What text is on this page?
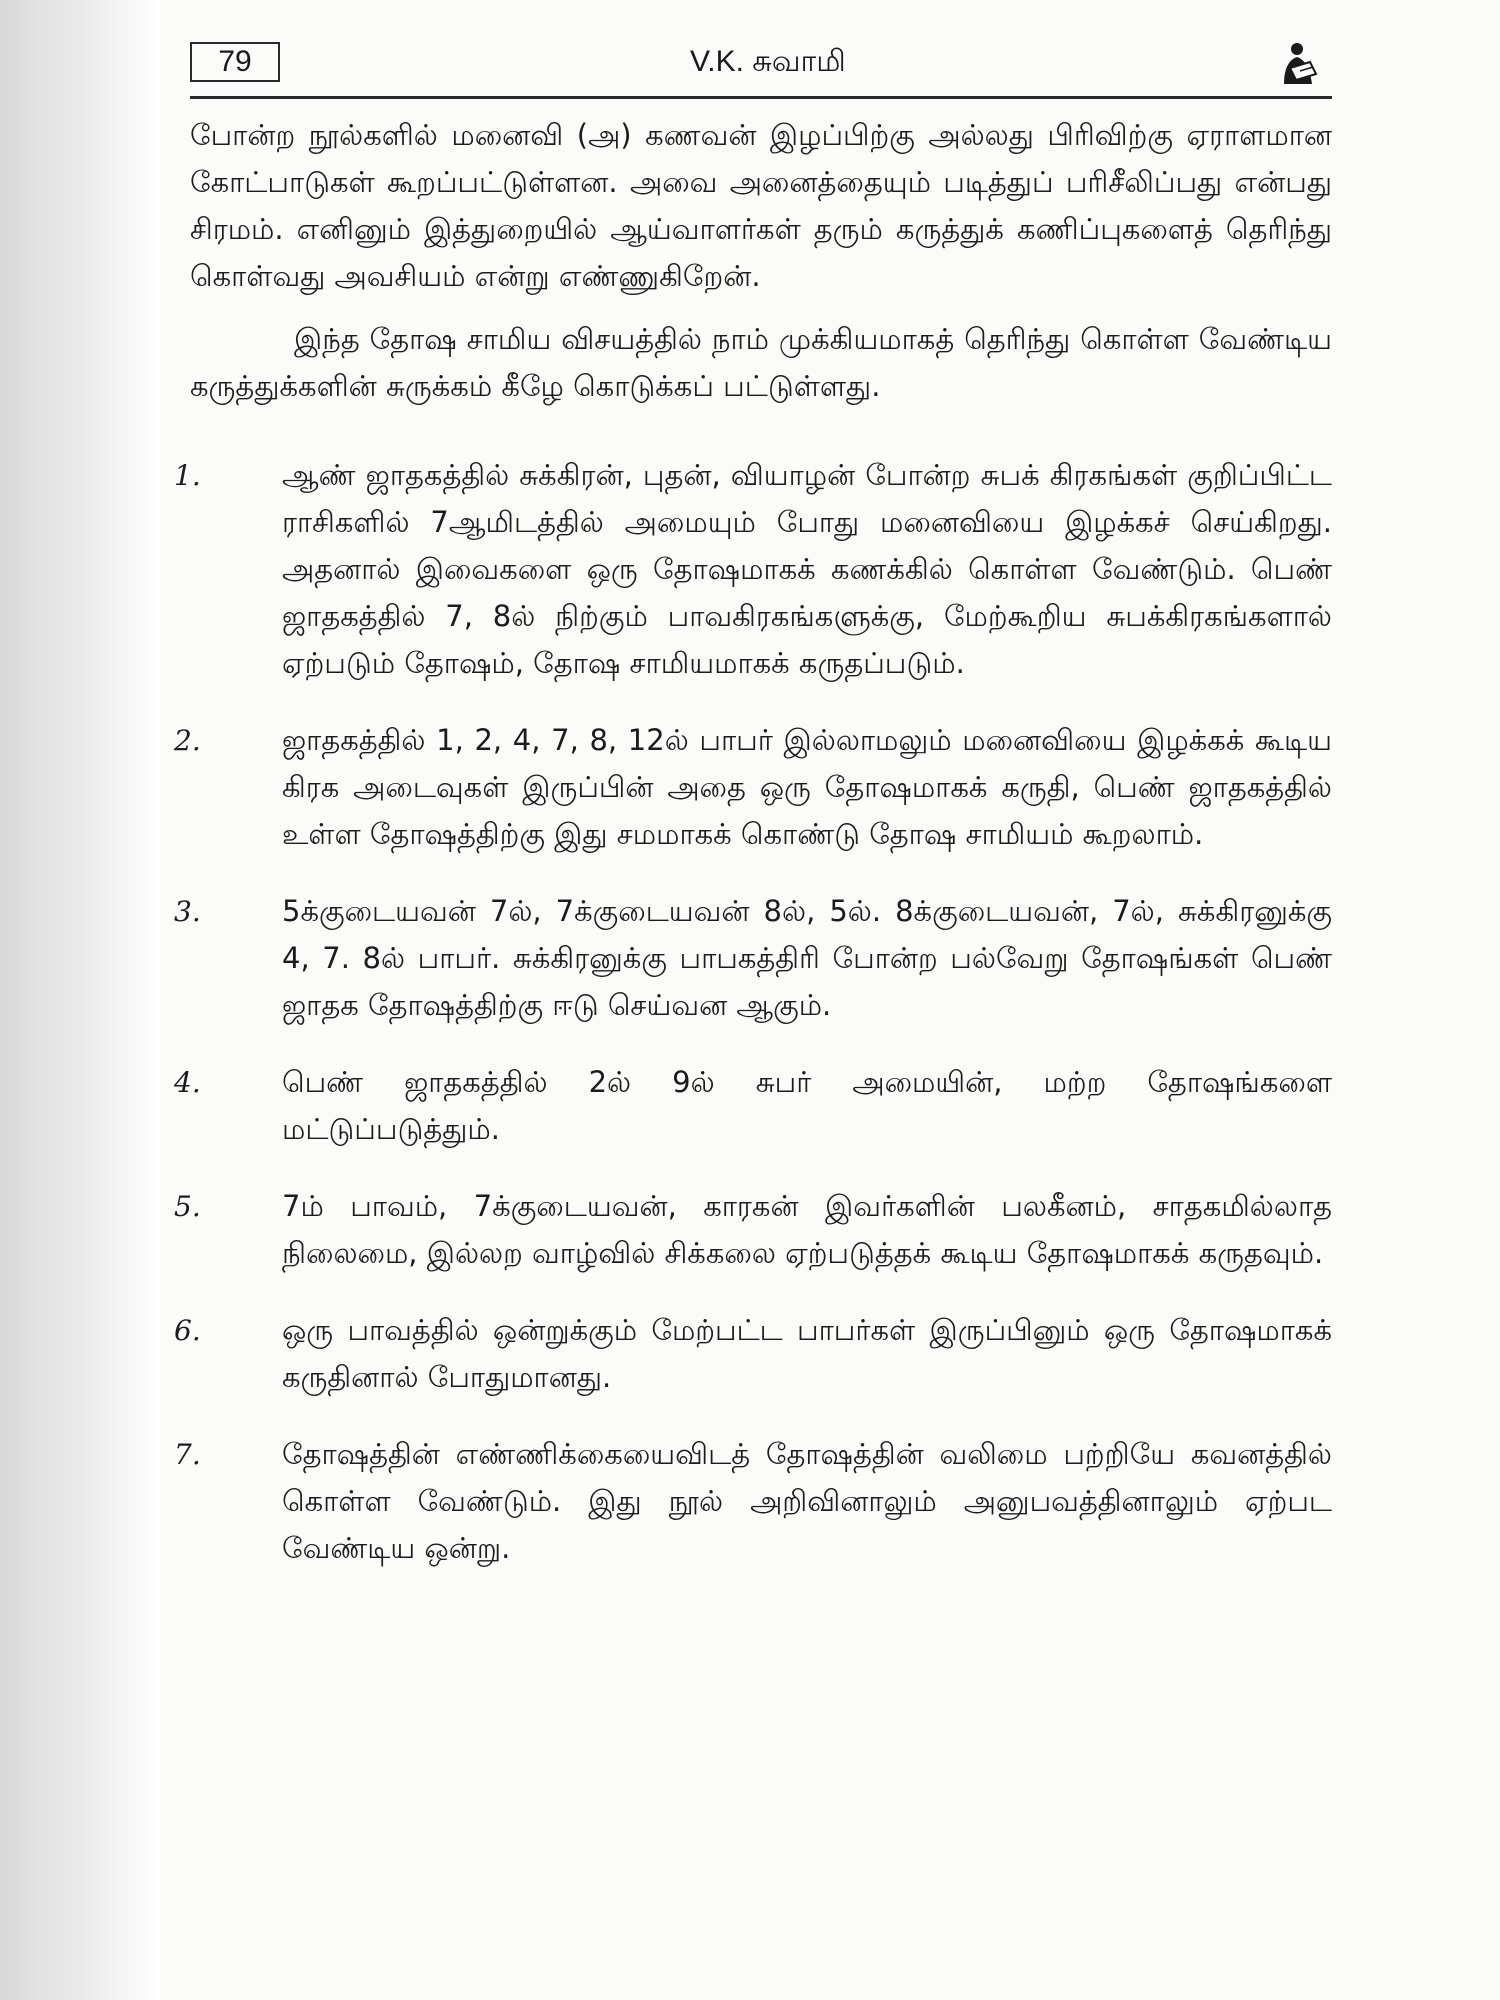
79	V.K. சுவாமி

போன்ற நூல்களில் மனைவி (அ) கணவன் இழப்பிற்கு அல்லது பிரிவிற்கு ஏராளமான கோட்பாடுகள் கூறப்பட்டுள்ளன. அவை அனைத்தையும் படித்துப் பரிசீலிப்பது என்பது சிரமம். எனினும் இத்துறையில் ஆய்வாளர்கள் தரும் கருத்துக் கணிப்புகளைத் தெரிந்து கொள்வது அவசியம் என்று எண்ணுகிறேன்.

இந்த தோஷ சாமிய விசயத்தில் நாம் முக்கியமாகத் தெரிந்து கொள்ள வேண்டிய கருத்துக்களின் சுருக்கம் கீழே கொடுக்கப் பட்டுள்ளது.

1.	ஆண் ஜாதகத்தில் சுக்கிரன், புதன், வியாழன் போன்ற சுபக் கிரகங்கள் குறிப்பிட்ட ராசிகளில் 7ஆமிடத்தில் அமையும் போது மனைவியை இழக்கச் செய்கிறது. அதனால் இவைகளை ஒரு தோஷமாகக் கணக்கில் கொள்ள வேண்டும். பெண் ஜாதகத்தில் 7, 8ல் நிற்கும் பாவகிரகங்களுக்கு, மேற்கூறிய சுபக்கிரகங்களால் ஏற்படும் தோஷம், தோஷ சாமியமாகக் கருதப்படும்.
2.	ஜாதகத்தில் 1, 2, 4, 7, 8, 12ல் பாபர் இல்லாமலும் மனைவியை இழக்கக் கூடிய கிரக அடைவுகள் இருப்பின் அதை ஒரு தோஷமாகக் கருதி, பெண் ஜாதகத்தில் உள்ள தோஷத்திற்கு இது சமமாகக் கொண்டு தோஷ சாமியம் கூறலாம்.
3.	5க்குடையவன் 7ல், 7க்குடையவன் 8ல், 5ல். 8க்குடையவன், 7ல், சுக்கிரனுக்கு 4, 7. 8ல் பாபர். சுக்கிரனுக்கு பாபகத்திரி போன்ற பல்வேறு தோஷங்கள் பெண் ஜாதக தோஷத்திற்கு ஈடு செய்வன ஆகும்.
4.	பெண் ஜாதகத்தில் 2ல் 9ல் சுபர் அமையின், மற்ற தோஷங்களை மட்டுப்படுத்தும்.
5.	7ம் பாவம், 7க்குடையவன், காரகன் இவர்களின் பலகீனம், சாதகமில்லாத நிலைமை, இல்லற வாழ்வில் சிக்கலை ஏற்படுத்தக் கூடிய தோஷமாகக் கருதவும்.
6.	ஒரு பாவத்தில் ஒன்றுக்கும் மேற்பட்ட பாபர்கள் இருப்பினும் ஒரு தோஷமாகக் கருதினால் போதுமானது.
7.	தோஷத்தின் எண்ணிக்கையைவிடத் தோஷத்தின் வலிமை பற்றியே கவனத்தில் கொள்ள வேண்டும். இது நூல் அறிவினாலும் அனுபவத்தினாலும் ஏற்பட வேண்டிய ஒன்று.
